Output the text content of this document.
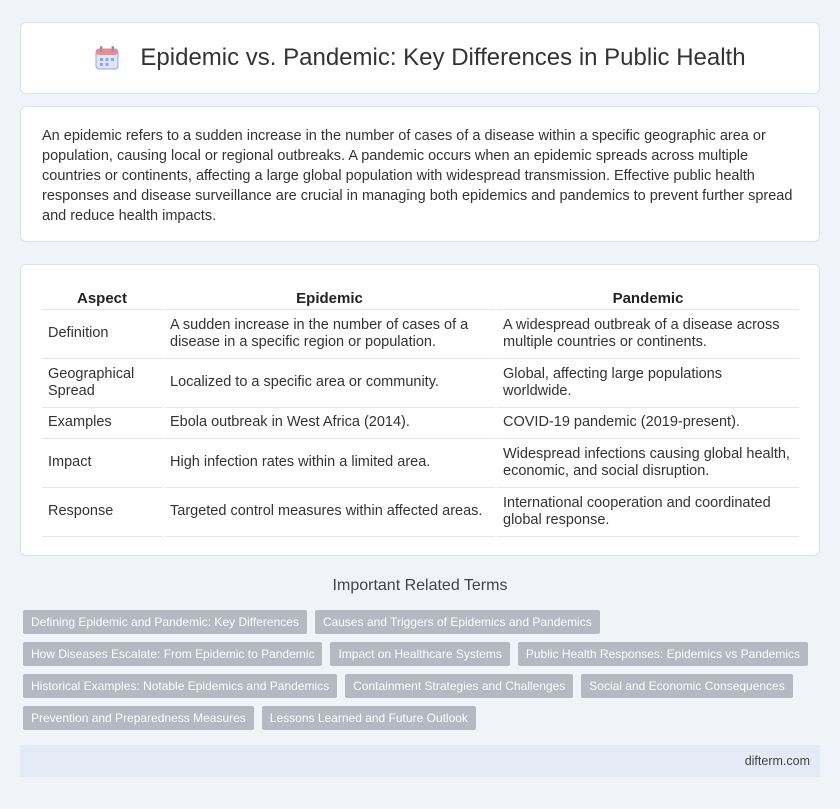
Epidemic vs. Pandemic: Key Differences in Public Health
An epidemic refers to a sudden increase in the number of cases of a disease within a specific geographic area or population, causing local or regional outbreaks. A pandemic occurs when an epidemic spreads across multiple countries or continents, affecting a large global population with widespread transmission. Effective public health responses and disease surveillance are crucial in managing both epidemics and pandemics to prevent further spread and reduce health impacts.
Aspect	Epidemic	Pandemic
Definition	A sudden increase in the number of cases of a disease in a specific region or population.	A widespread outbreak of a disease across multiple countries or continents.
Geographical Spread	Localized to a specific area or community.	Global, affecting large populations worldwide.
Examples	Ebola outbreak in West Africa (2014).	COVID-19 pandemic (2019-present).
Impact	High infection rates within a limited area.	Widespread infections causing global health, economic, and social disruption.
Response	Targeted control measures within affected areas.	International cooperation and coordinated global response.
Important Related Terms
Defining Epidemic and Pandemic: Key Differences	Causes and Triggers of Epidemics and Pandemics
How Diseases Escalate: From Epidemic to Pandemic	Impact on Healthcare Systems	Public Health Responses: Epidemics vs Pandemics
Historical Examples: Notable Epidemics and Pandemics	Containment Strategies and Challenges	Social and Economic Consequences
Prevention and Preparedness Measures	Lessons Learned and Future Outlook
difterm.com
